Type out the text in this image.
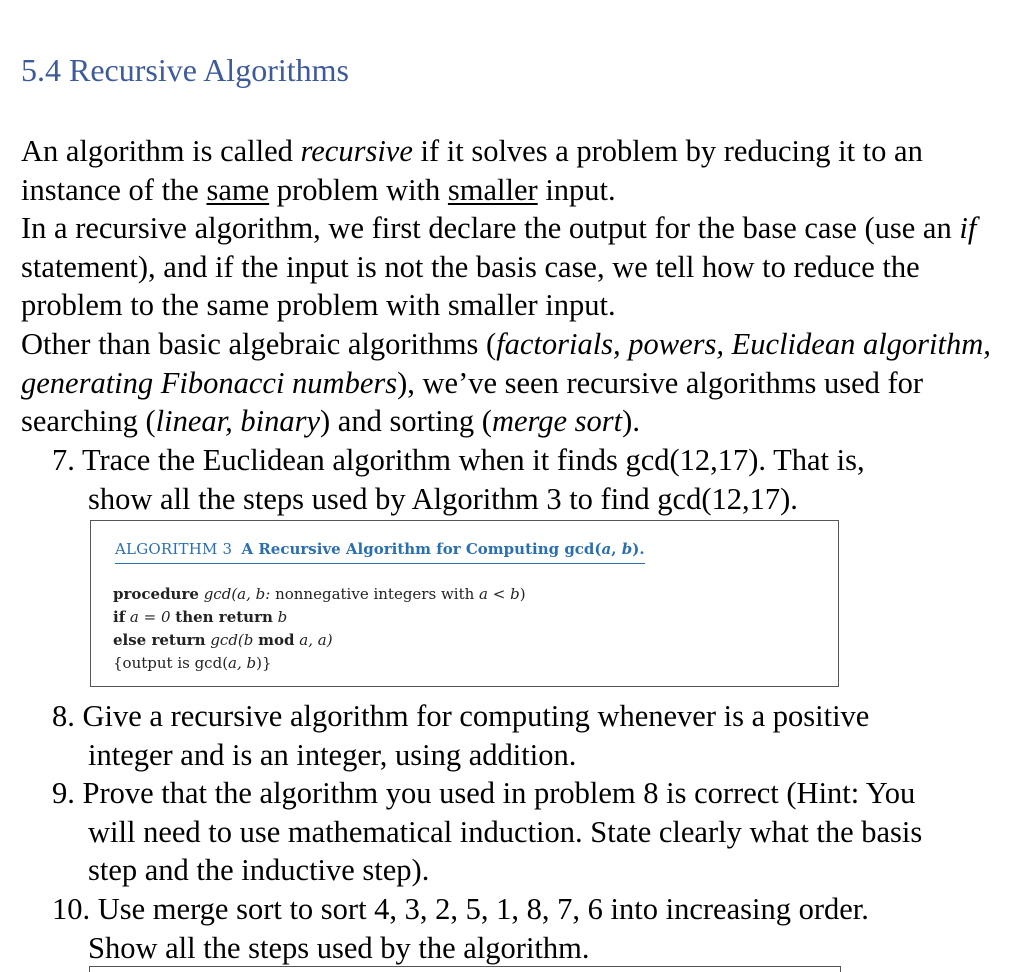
5.4 Recursive Algorithms

An algorithm is called recursive if it solves a problem by reducing it to an instance of the same problem with smaller input.

In a recursive algorithm, we first declare the output for the base case (use an if statement), and if the input is not the basis case, we tell how to reduce the problem to the same problem with smaller input.

Other than basic algebraic algorithms (factorials, powers, Euclidean algorithm, generating Fibonacci numbers), we’ve seen recursive algorithms used for searching (linear, binary) and sorting (merge sort).

7. Trace the Euclidean algorithm when it finds gcd(12,17). That is,
show all the steps used by Algorithm 3 to find gcd(12,17).
ALGORITHM 3 A Recursive Algorithm for Computing gcd(a, b).
procedure gcd(a, b: nonnegative integers with a < b)
if a = 0 then return b
else return gcd(b mod a, a)
{output is gcd(a, b)}
8. Give a recursive algorithm for computing whenever is a positive
integer and is an integer, using addition.
9. Prove that the algorithm you used in problem 8 is correct (Hint: You
will need to use mathematical induction. State clearly what the basis
step and the inductive step).
10. Use merge sort to sort 4, 3, 2, 5, 1, 8, 7, 6 into increasing order.
Show all the steps used by the algorithm.
